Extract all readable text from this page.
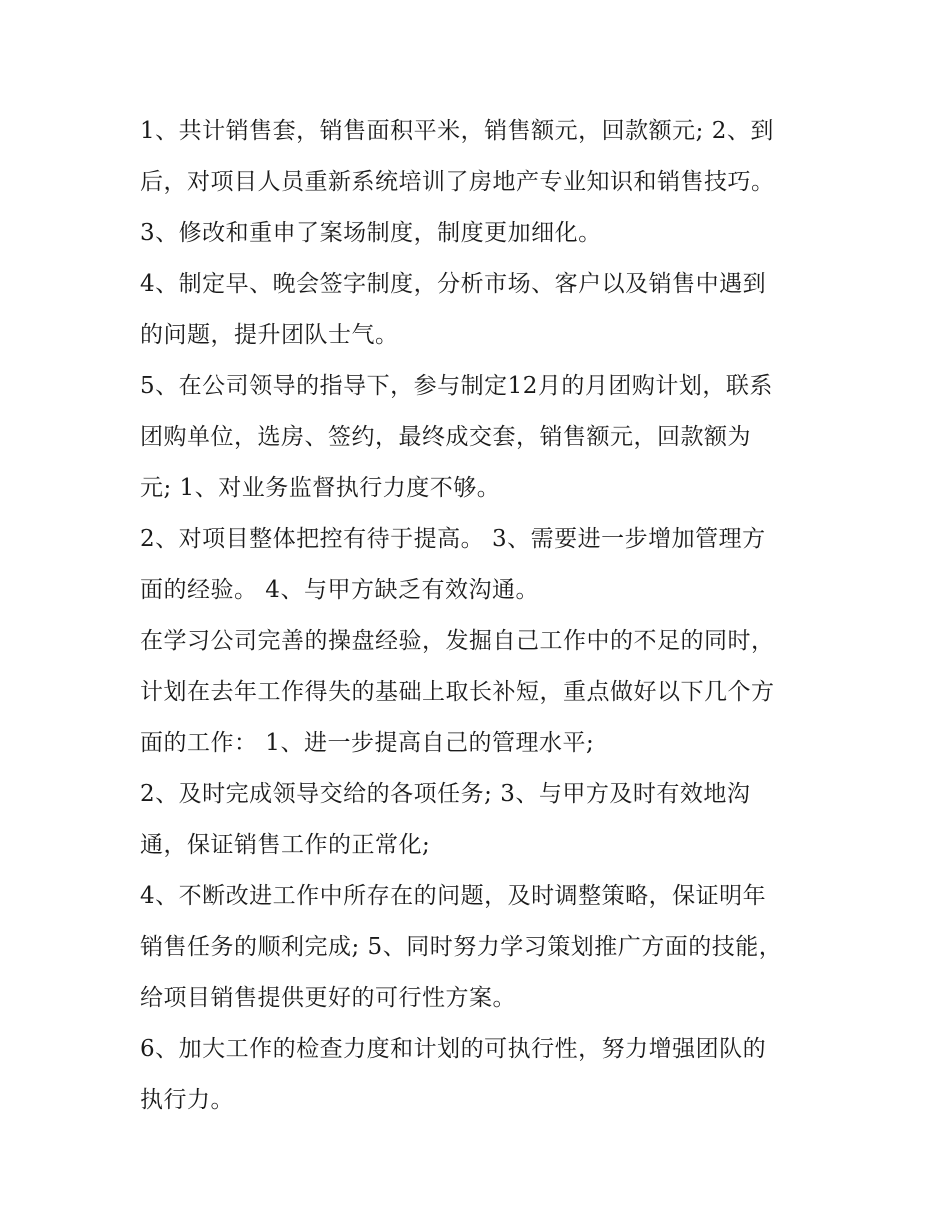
1、共计销售套，销售面积平米，销售额元，回款额元; 2、到
后，对项目人员重新系统培训了房地产专业知识和销售技巧。
3、修改和重申了案场制度，制度更加细化。
4、制定早、晚会签字制度，分析市场、客户以及销售中遇到
的问题，提升团队士气。
5、在公司领导的指导下，参与制定12月的月团购计划，联系
团购单位，选房、签约，最终成交套，销售额元，回款额为
元; 1、对业务监督执行力度不够。
2、对项目整体把控有待于提高。 3、需要进一步增加管理方
面的经验。 4、与甲方缺乏有效沟通。
在学习公司完善的操盘经验，发掘自己工作中的不足的同时，
计划在去年工作得失的基础上取长补短，重点做好以下几个方
面的工作： 1、进一步提高自己的管理水平;
2、及时完成领导交给的各项任务; 3、与甲方及时有效地沟
通，保证销售工作的正常化;
4、不断改进工作中所存在的问题，及时调整策略，保证明年
销售任务的顺利完成; 5、同时努力学习策划推广方面的技能，
给项目销售提供更好的可行性方案。
6、加大工作的检查力度和计划的可执行性，努力增强团队的
执行力。
